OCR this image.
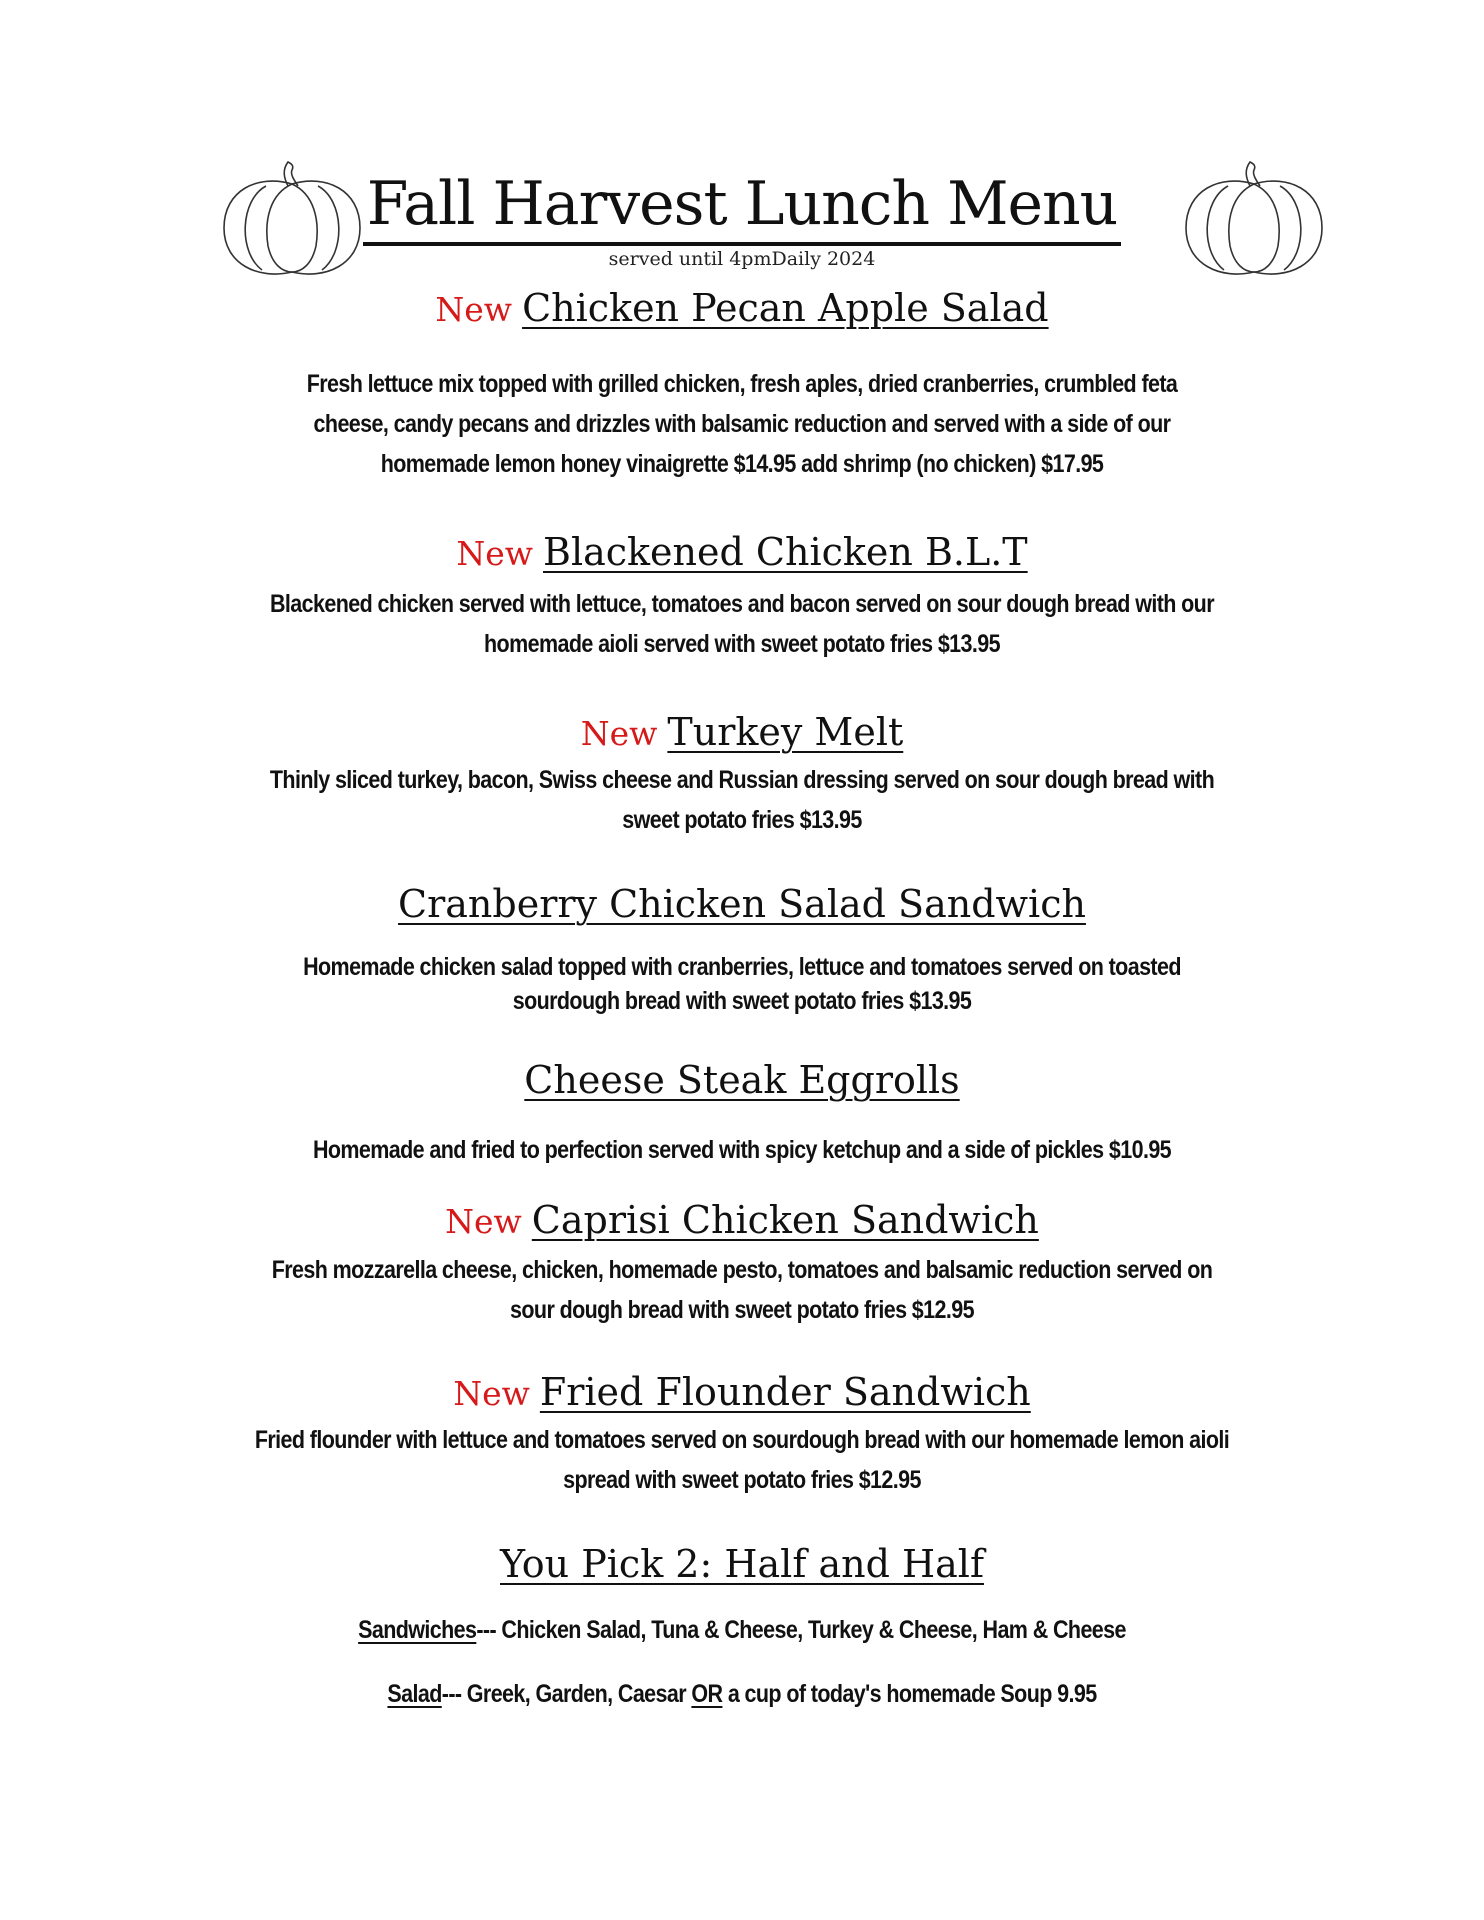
Fall Harvest Lunch Menu
served until 4pmDaily 2024
New Chicken Pecan Apple Salad
Fresh lettuce mix topped with grilled chicken, fresh aples, dried cranberries, crumbled feta cheese, candy pecans and drizzles with balsamic reduction and served with a side of our homemade lemon honey vinaigrette $14.95 add shrimp (no chicken) $17.95
New Blackened Chicken B.L.T
Blackened chicken served with lettuce, tomatoes and bacon served on sour dough bread with our homemade aioli served with sweet potato fries $13.95
New Turkey Melt
Thinly sliced turkey, bacon, Swiss cheese and Russian dressing served on sour dough bread with sweet potato fries $13.95
Cranberry Chicken Salad Sandwich
Homemade chicken salad topped with cranberries, lettuce and tomatoes served on toasted sourdough bread with sweet potato fries $13.95
Cheese Steak Eggrolls
Homemade and fried to perfection served with spicy ketchup and a side of pickles $10.95
New Caprisi Chicken Sandwich
Fresh mozzarella cheese, chicken, homemade pesto, tomatoes and balsamic reduction served on sour dough bread with sweet potato fries $12.95
New Fried Flounder Sandwich
Fried flounder with lettuce and tomatoes served on sourdough bread with our homemade lemon aioli spread with sweet potato fries $12.95
You Pick 2: Half and Half
Sandwiches--- Chicken Salad, Tuna & Cheese, Turkey & Cheese, Ham & Cheese
Salad--- Greek, Garden, Caesar OR a cup of today's homemade Soup 9.95
